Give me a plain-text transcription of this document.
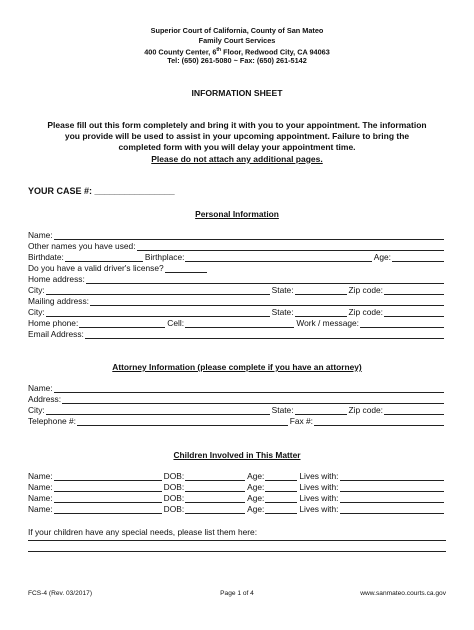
Superior Court of California, County of San Mateo
Family Court Services
400 County Center, 6th Floor, Redwood City, CA 94063
Tel: (650) 261-5080 ~ Fax: (650) 261-5142
INFORMATION SHEET
Please fill out this form completely and bring it with you to your appointment. The information
you provide will be used to assist in your upcoming appointment. Failure to bring the
completed form with you will delay your appointment time.
Please do not attach any additional pages.
YOUR CASE #: ________________
Personal Information
Name:
Other names you have used:
Birthdate:	Birthplace:	Age:
Do you have a valid driver's license?
Home address:
City:	State:	Zip code:
Mailing address:
City:	State:	Zip code:
Home phone:	Cell:	Work / message:
Email Address:
Attorney Information (please complete if you have an attorney)
Name:
Address:
City:	State:	Zip code:
Telephone #:	Fax #:
Children Involved in This Matter
Name:	DOB:	Age:	Lives with:
Name:	DOB:	Age:	Lives with:
Name:	DOB:	Age:	Lives with:
Name:	DOB:	Age:	Lives with:
If your children have any special needs, please list them here:
FCS-4 (Rev. 03/2017)	Page 1 of 4	www.sanmateo.courts.ca.gov
